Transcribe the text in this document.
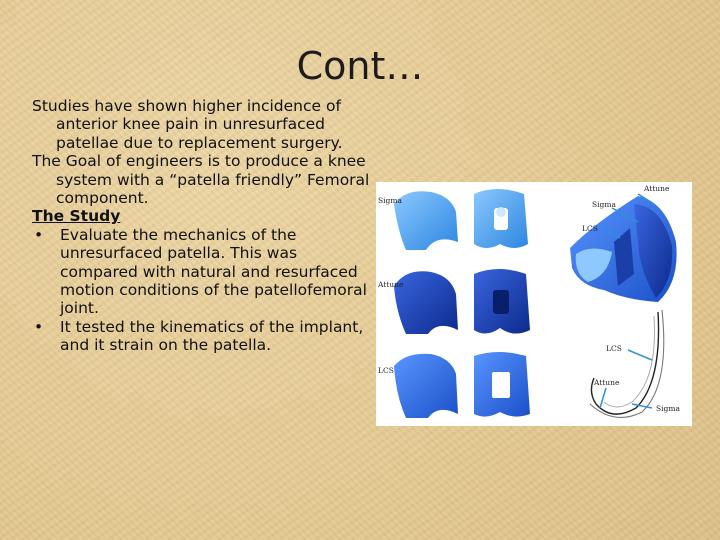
Cont…

Studies have shown higher incidence of anterior knee pain in unresurfaced patellae due to replacement surgery.

The Goal of engineers is to produce a knee system with a “patella friendly” Femoral component.

The Study

• Evaluate the mechanics of the unresurfaced patella. This was compared with natural and resurfaced motion conditions of the patellofemoral joint.

• It tested the kinematics of the implant, and it strain on the patella.

Sigma
Attune
LCS
Attune
Sigma
LCS
LCS
Attune
Sigma
